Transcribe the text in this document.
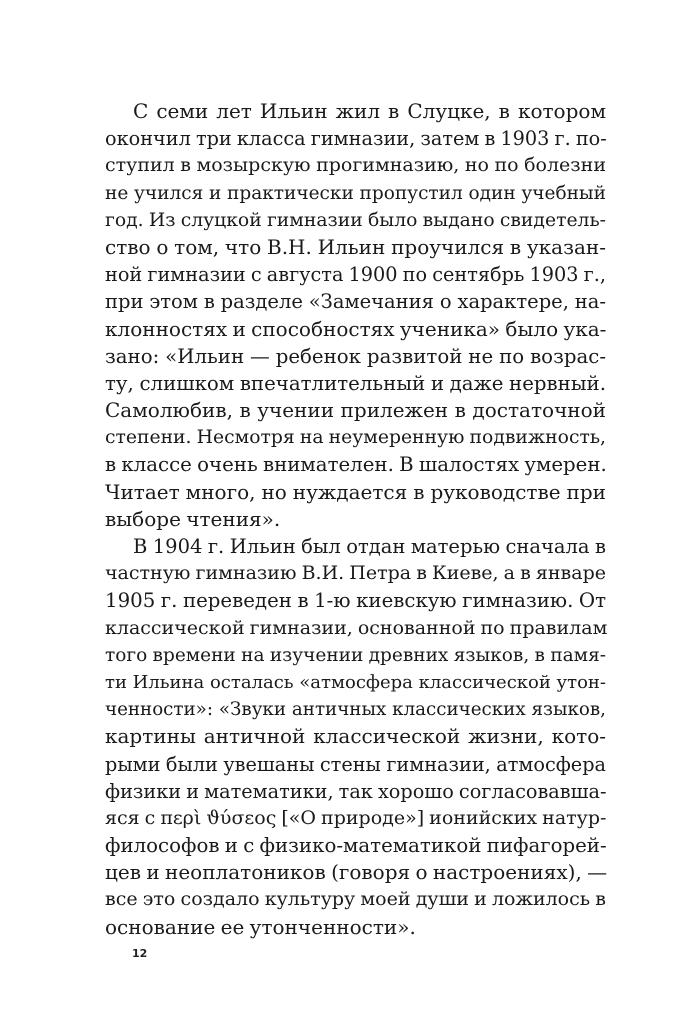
С семи лет Ильин жил в Слуцке, в котором
окончил три класса гимназии, затем в 1903 г. по-
ступил в мозырскую прогимназию, но по болезни
не учился и практически пропустил один учебный
год. Из слуцкой гимназии было выдано свидетель-
ство о том, что В.Н. Ильин проучился в указан-
ной гимназии с августа 1900 по сентябрь 1903 г.,
при этом в разделе «Замечания о характере, на-
клонностях и способностях ученика» было ука-
зано: «Ильин — ребенок развитой не по возрас-
ту, слишком впечатлительный и даже нервный.
Самолюбив, в учении прилежен в достаточной
степени. Несмотря на неумеренную подвижность,
в классе очень внимателен. В шалостях умерен.
Читает много, но нуждается в руководстве при
выборе чтения».
В 1904 г. Ильин был отдан матерью сначала в
частную гимназию В.И. Петра в Киеве, а в январе
1905 г. переведен в 1-ю киевскую гимназию. От
классической гимназии, основанной по правилам
того времени на изучении древних языков, в памя-
ти Ильина осталась «атмосфера классической утон-
ченности»: «Звуки античных классических языков,
картины античной классической жизни, кото-
рыми были увешаны стены гимназии, атмосфера
физики и математики, так хорошо согласовавша-
яся с περὶ ϑύσεος [«О природе»] ионийских натур-
философов и с физико-математикой пифагорей-
цев и неоплатоников (говоря о настроениях), —
все это создало культуру моей души и ложилось в
основание ее утонченности».
12
